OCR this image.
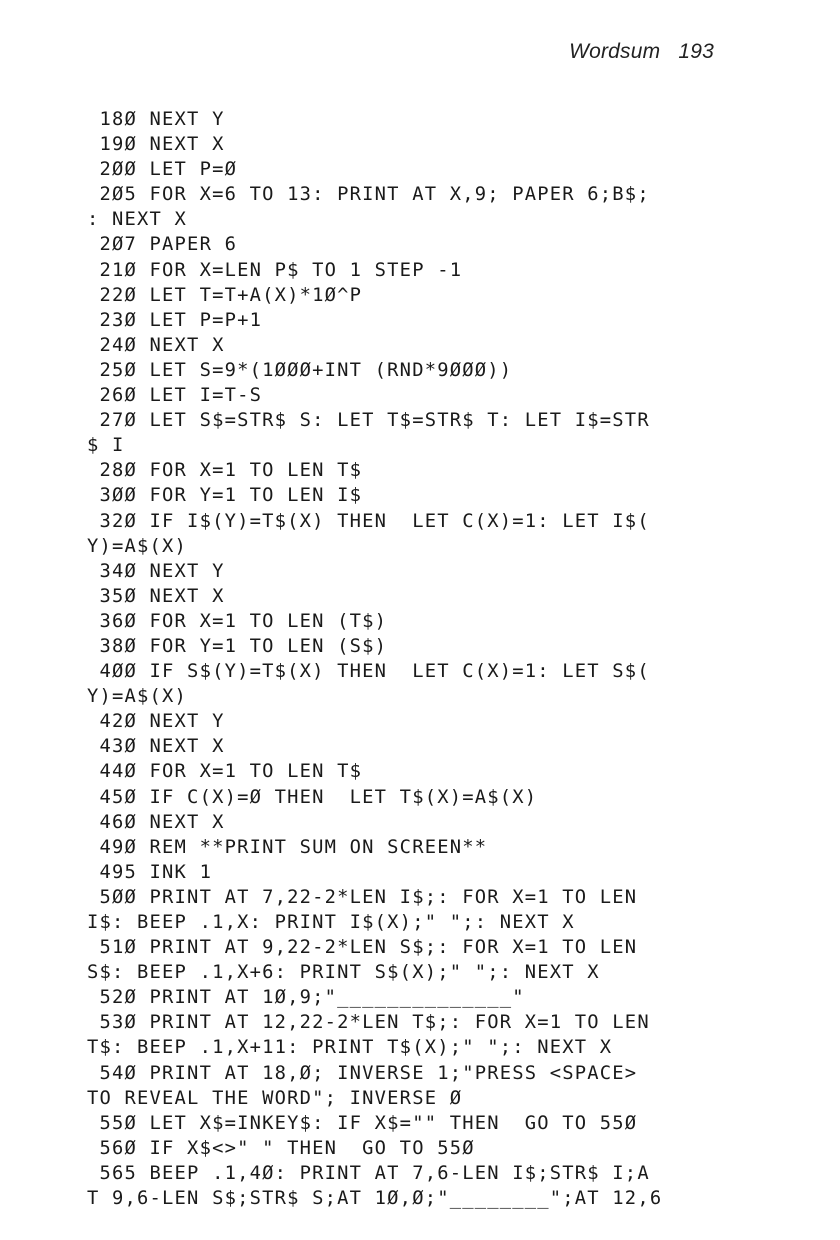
Wordsum 193
18Ø NEXT Y
19Ø NEXT X
2ØØ LET P=Ø
2Ø5 FOR X=6 TO 13: PRINT AT X,9; PAPER 6;B$;
: NEXT X
2Ø7 PAPER 6
21Ø FOR X=LEN P$ TO 1 STEP -1
22Ø LET T=T+A(X)*1Ø^P
23Ø LET P=P+1
24Ø NEXT X
25Ø LET S=9*(1ØØØ+INT (RND*9ØØØ))
26Ø LET I=T-S
27Ø LET S$=STR$ S: LET T$=STR$ T: LET I$=STR
$ I
28Ø FOR X=1 TO LEN T$
3ØØ FOR Y=1 TO LEN I$
32Ø IF I$(Y)=T$(X) THEN  LET C(X)=1: LET I$(
Y)=A$(X)
34Ø NEXT Y
35Ø NEXT X
36Ø FOR X=1 TO LEN (T$)
38Ø FOR Y=1 TO LEN (S$)
4ØØ IF S$(Y)=T$(X) THEN  LET C(X)=1: LET S$(
Y)=A$(X)
42Ø NEXT Y
43Ø NEXT X
44Ø FOR X=1 TO LEN T$
45Ø IF C(X)=Ø THEN  LET T$(X)=A$(X)
46Ø NEXT X
49Ø REM **PRINT SUM ON SCREEN**
495 INK 1
5ØØ PRINT AT 7,22-2*LEN I$;: FOR X=1 TO LEN
I$: BEEP .1,X: PRINT I$(X);" ";: NEXT X
51Ø PRINT AT 9,22-2*LEN S$;: FOR X=1 TO LEN
S$: BEEP .1,X+6: PRINT S$(X);" ";: NEXT X
52Ø PRINT AT 1Ø,9;"______________"
53Ø PRINT AT 12,22-2*LEN T$;: FOR X=1 TO LEN
T$: BEEP .1,X+11: PRINT T$(X);" ";: NEXT X
54Ø PRINT AT 18,Ø; INVERSE 1;"PRESS <SPACE>
TO REVEAL THE WORD"; INVERSE Ø
55Ø LET X$=INKEY$: IF X$="" THEN  GO TO 55Ø
56Ø IF X$<>" " THEN  GO TO 55Ø
565 BEEP .1,4Ø: PRINT AT 7,6-LEN I$;STR$ I;A
T 9,6-LEN S$;STR$ S;AT 1Ø,Ø;"________";AT 12,6
